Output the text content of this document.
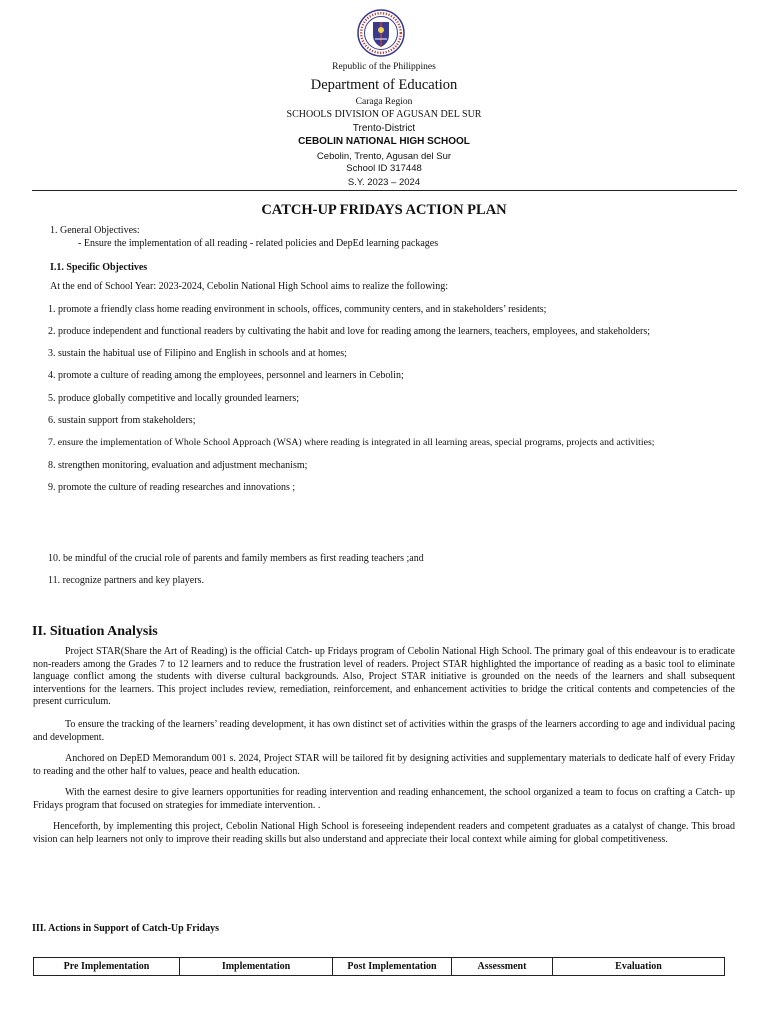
Republic of the Philippines
Department of Education
Caraga Region
SCHOOLS DIVISION OF AGUSAN DEL SUR
Trento-District
CEBOLIN NATIONAL HIGH SCHOOL
Cebolin, Trento, Agusan del Sur
School ID 317448
S.Y. 2023 – 2024
CATCH-UP FRIDAYS ACTION PLAN
1. General Objectives:
- Ensure the implementation of all reading - related policies and DepEd learning packages
I.1. Specific Objectives
At the end of School Year: 2023-2024, Cebolin National High School aims to realize the following:
1. promote a friendly class home reading environment in schools, offices, community centers, and in stakeholders’ residents;
2. produce independent and functional readers by cultivating the habit and love for reading among the learners, teachers, employees, and stakeholders;
3. sustain the habitual use of Filipino and English in schools and at homes;
4. promote a culture of reading among the employees, personnel and learners in Cebolin;
5. produce globally competitive and locally grounded learners;
6. sustain support from stakeholders;
7. ensure the implementation of Whole School Approach (WSA) where reading is integrated in all learning areas, special programs, projects and activities;
8. strengthen monitoring, evaluation and adjustment mechanism;
9. promote the culture of reading researches and innovations ;
10. be mindful of the crucial role of parents and family members as first reading teachers ;and
11. recognize partners and key players.
II. Situation Analysis
Project STAR(Share the Art of Reading) is the official Catch- up Fridays program of Cebolin National High School. The primary goal of this endeavour is to eradicate non-readers among the Grades 7 to 12 learners and to reduce the frustration level of readers. Project STAR highlighted the importance of reading as a basic tool to eliminate language conflict among the students with diverse cultural backgrounds. Also, Project STAR initiative is grounded on the needs of the learners and shall subsequent interventions for the learners. This project includes review, remediation, reinforcement, and enhancement activities to bridge the critical contents and competencies of the present curriculum.
To ensure the tracking of the learners’ reading development, it has own distinct set of activities within the grasps of the learners according to age and individual pacing and development.
Anchored on DepED Memorandum 001 s. 2024, Project STAR will be tailored fit by designing activities and supplementary materials to dedicate half of every Friday to reading and the other half to values, peace and health education.
With the earnest desire to give learners opportunities for reading intervention and reading enhancement, the school organized a team to focus on crafting a Catch- up Fridays program that focused on strategies for immediate intervention. .
Henceforth, by implementing this project, Cebolin National High School is foreseeing independent readers and competent graduates as a catalyst of change. This broad vision can help learners not only to improve their reading skills but also understand and appreciate their local context while aiming for global competitiveness.
III. Actions in Support of Catch-Up Fridays
Pre Implementation	Implementation	Post Implementation	Assessment	Evaluation
